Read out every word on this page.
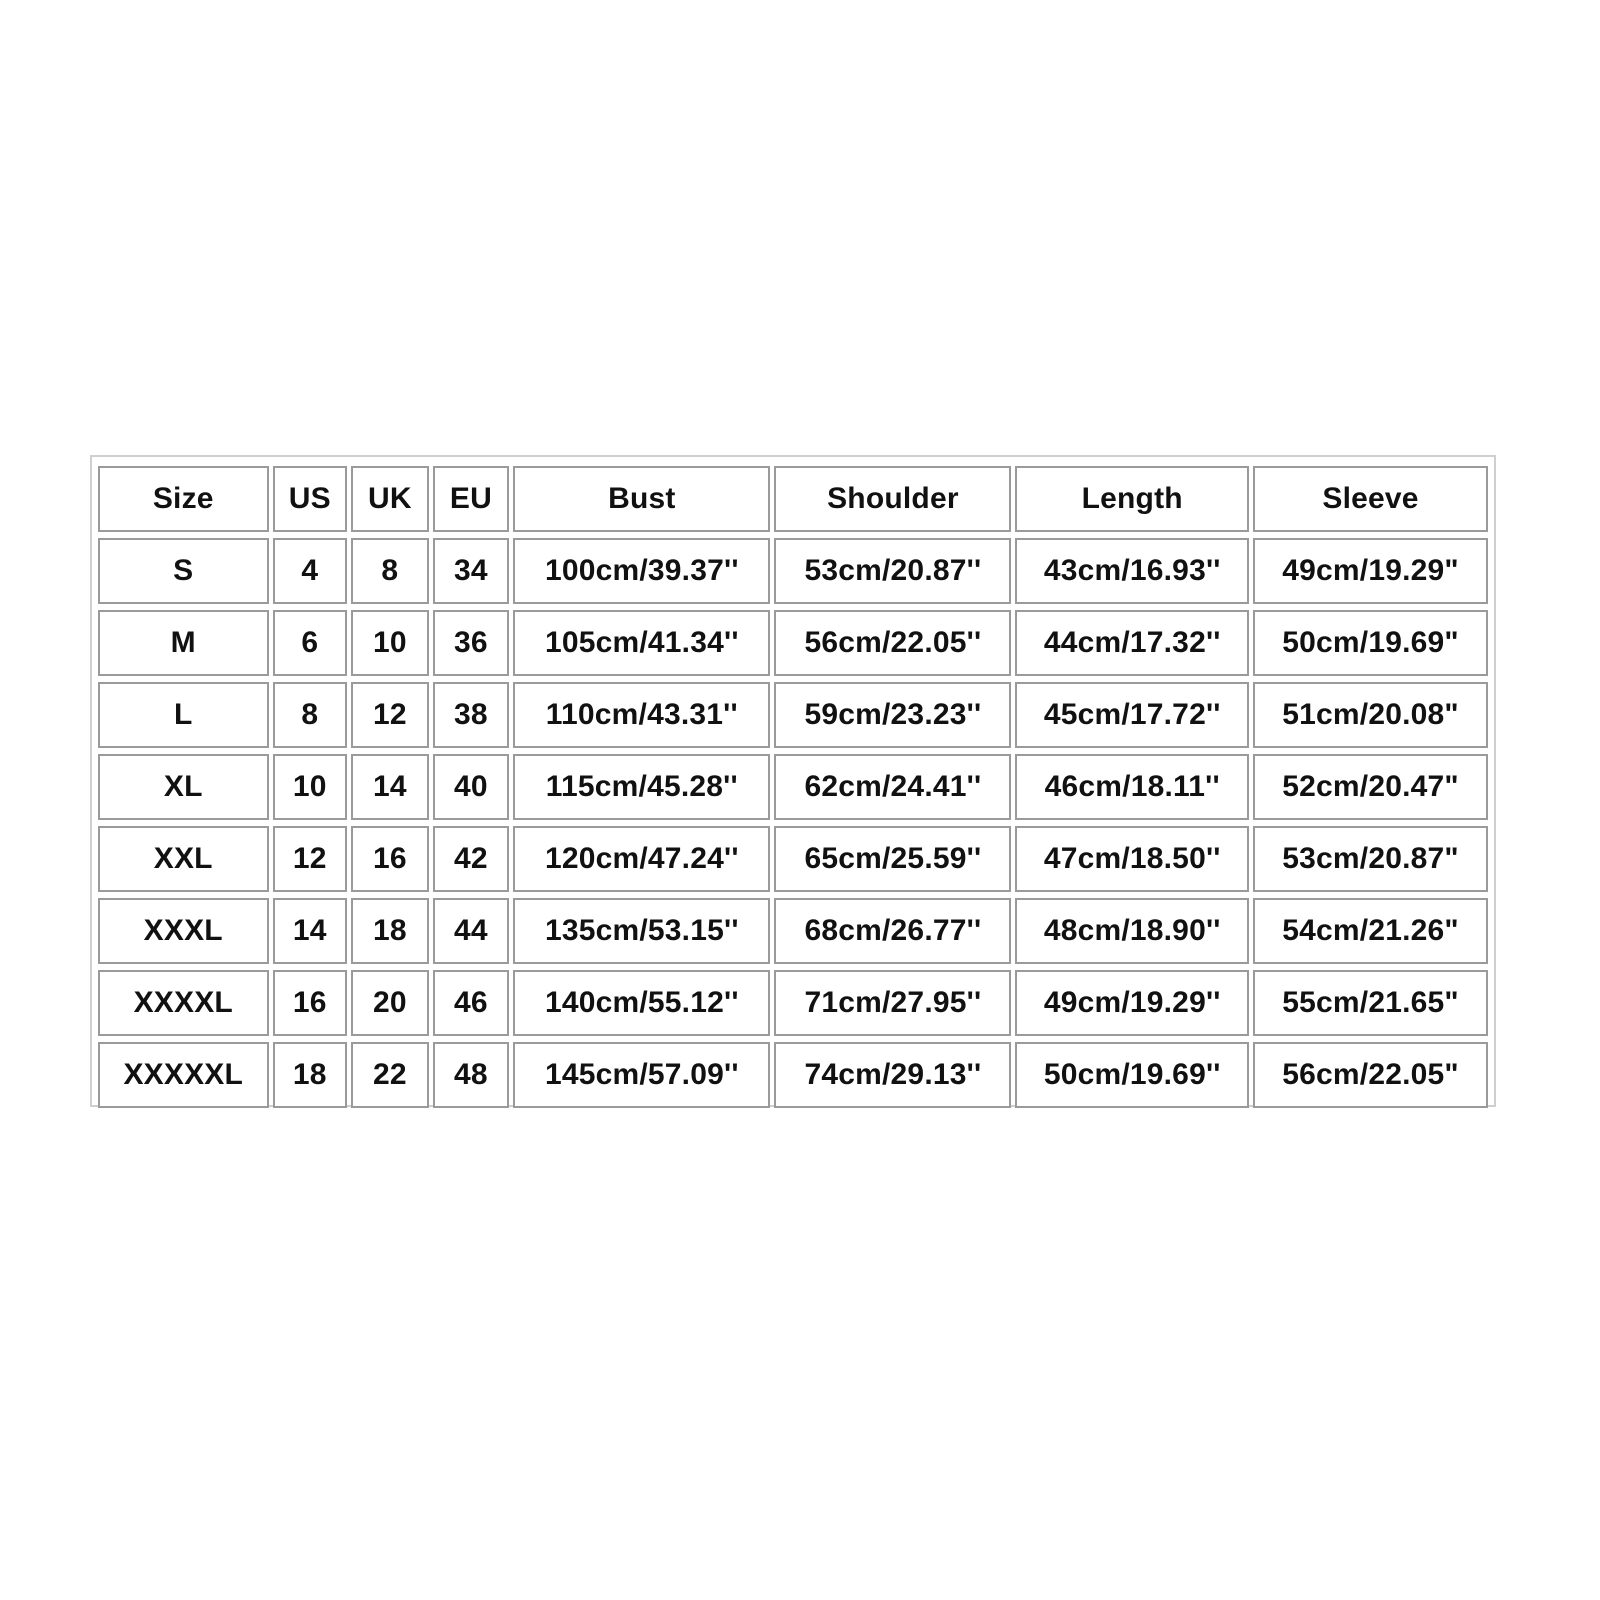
Size	US	UK	EU	Bust	Shoulder	Length	Sleeve
S	4	8	34	100cm/39.37''	53cm/20.87''	43cm/16.93''	49cm/19.29"
M	6	10	36	105cm/41.34''	56cm/22.05''	44cm/17.32''	50cm/19.69"
L	8	12	38	110cm/43.31''	59cm/23.23''	45cm/17.72''	51cm/20.08"
XL	10	14	40	115cm/45.28''	62cm/24.41''	46cm/18.11''	52cm/20.47"
XXL	12	16	42	120cm/47.24''	65cm/25.59''	47cm/18.50''	53cm/20.87"
XXXL	14	18	44	135cm/53.15''	68cm/26.77''	48cm/18.90''	54cm/21.26"
XXXXL	16	20	46	140cm/55.12''	71cm/27.95''	49cm/19.29''	55cm/21.65"
XXXXXL	18	22	48	145cm/57.09''	74cm/29.13''	50cm/19.69''	56cm/22.05"
